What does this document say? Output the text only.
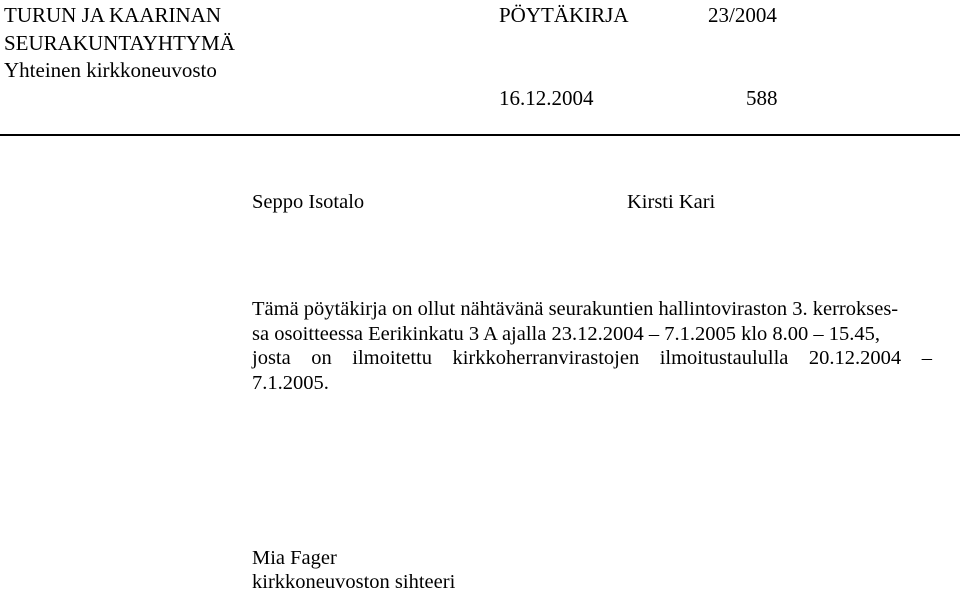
TURUN JA KAARINAN
SEURAKUNTAYHTYMÄ
Yhteinen kirkkoneuvosto
PÖYTÄKIRJA	23/2004
16.12.2004	588
Seppo Isotalo	Kirsti Kari
Tämä pöytäkirja on ollut nähtävänä seurakuntien hallintoviraston 3. kerrokses-
sa osoitteessa Eerikinkatu 3 A ajalla 23.12.2004 – 7.1.2005 klo 8.00 – 15.45,
josta on ilmoitettu kirkkoherranvirastojen ilmoitustaululla 20.12.2004 –
7.1.2005.
Mia Fager
kirkkoneuvoston sihteeri
